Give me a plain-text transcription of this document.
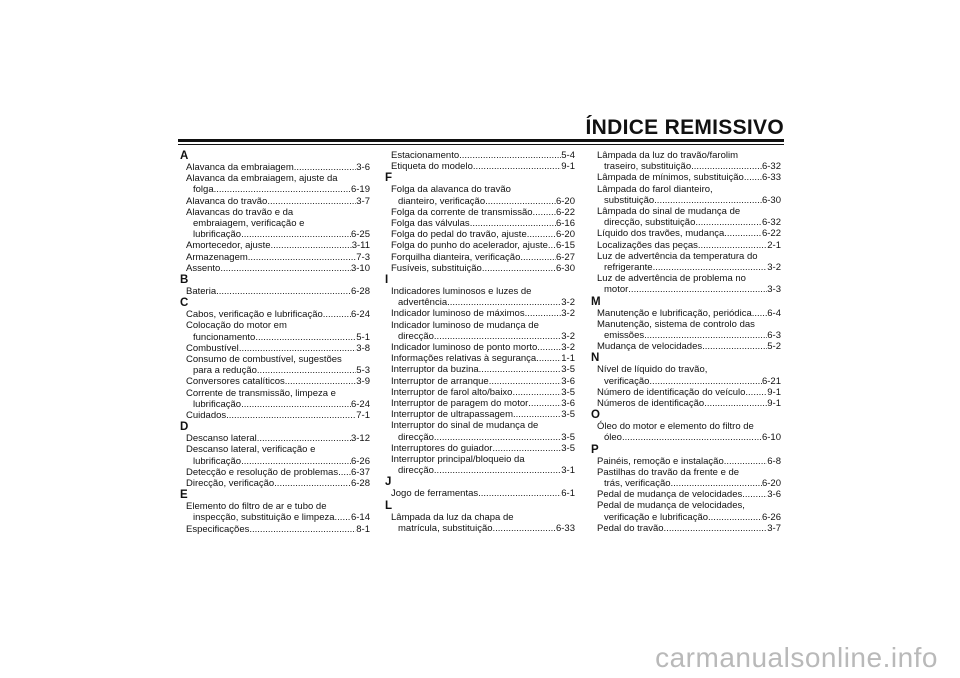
ÍNDICE REMISSIVO
A
Alavanca da embraiagem .....	3-6
Alavanca da embraiagem, ajuste da
folga .....	6-19
Alavanca do travão .....	3-7
Alavancas do travão e da
embraiagem, verificação e
lubrificação .....	6-25
Amortecedor, ajuste .....	3-11
Armazenagem .....	7-3
Assento .....	3-10
B
Bateria .....	6-28
C
Cabos, verificação e lubrificação .....	6-24
Colocação do motor em
funcionamento .....	5-1
Combustível .....	3-8
Consumo de combustível, sugestões
para a redução .....	5-3
Conversores catalíticos .....	3-9
Corrente de transmissão, limpeza e
lubrificação .....	6-24
Cuidados .....	7-1
D
Descanso lateral .....	3-12
Descanso lateral, verificação e
lubrificação .....	6-26
Detecção e resolução de problemas ..... 6-37
Direcção, verificação .....	6-28
E
Elemento do filtro de ar e tubo de
inspecção, substituição e limpeza ..... 6-14
Especificações .....	8-1
Estacionamento .....	5-4
Etiqueta do modelo .....	9-1
F
Folga da alavanca do travão
dianteiro, verificação .....	6-20
Folga da corrente de transmissão ..... 6-22
Folga das válvulas .....	6-16
Folga do pedal do travão, ajuste .....	6-20
Folga do punho do acelerador, ajuste ..... 6-15
Forquilha dianteira, verificação .....	6-27
Fusíveis, substituição .....	6-30
I
Indicadores luminosos e luzes de
advertência .....	3-2
Indicador luminoso de máximos .....	3-2
Indicador luminoso de mudança de
direcção .....	3-2
Indicador luminoso de ponto morto .....	3-2
Informações relativas à segurança .....	1-1
Interruptor da buzina .....	3-5
Interruptor de arranque .....	3-6
Interruptor de farol alto/baixo .....	3-5
Interruptor de paragem do motor .....	3-6
Interruptor de ultrapassagem .....	3-5
Interruptor do sinal de mudança de
direcção .....	3-5
Interruptores do guiador .....	3-5
Interruptor principal/bloqueio da
direcção .....	3-1
J
Jogo de ferramentas .....	6-1
L
Lâmpada da luz da chapa de
matrícula, substituição .....	6-33
Lâmpada da luz do travão/farolim
traseiro, substituição .....	6-32
Lâmpada de mínimos, substituição ..... 6-33
Lâmpada do farol dianteiro,
substituição .....	6-30
Lâmpada do sinal de mudança de
direcção, substituição .....	6-32
Líquido dos travões, mudança .....	6-22
Localizações das peças .....	2-1
Luz de advertência da temperatura do
refrigerante .....	3-2
Luz de advertência de problema no
motor .....	3-3
M
Manutenção e lubrificação, periódica ..... 6-4
Manutenção, sistema de controlo das
emissões .....	6-3
Mudança de velocidades .....	5-2
N
Nível de líquido do travão,
verificação .....	6-21
Número de identificação do veículo ..... 9-1
Números de identificação .....	9-1
O
Óleo do motor e elemento do filtro de
óleo .....	6-10
P
Painéis, remoção e instalação .....	6-8
Pastilhas do travão da frente e de
trás, verificação .....	6-20
Pedal de mudança de velocidades .....	3-6
Pedal de mudança de velocidades,
verificação e lubrificação .....	6-26
Pedal do travão .....	3-7
carmanualsonline.info
